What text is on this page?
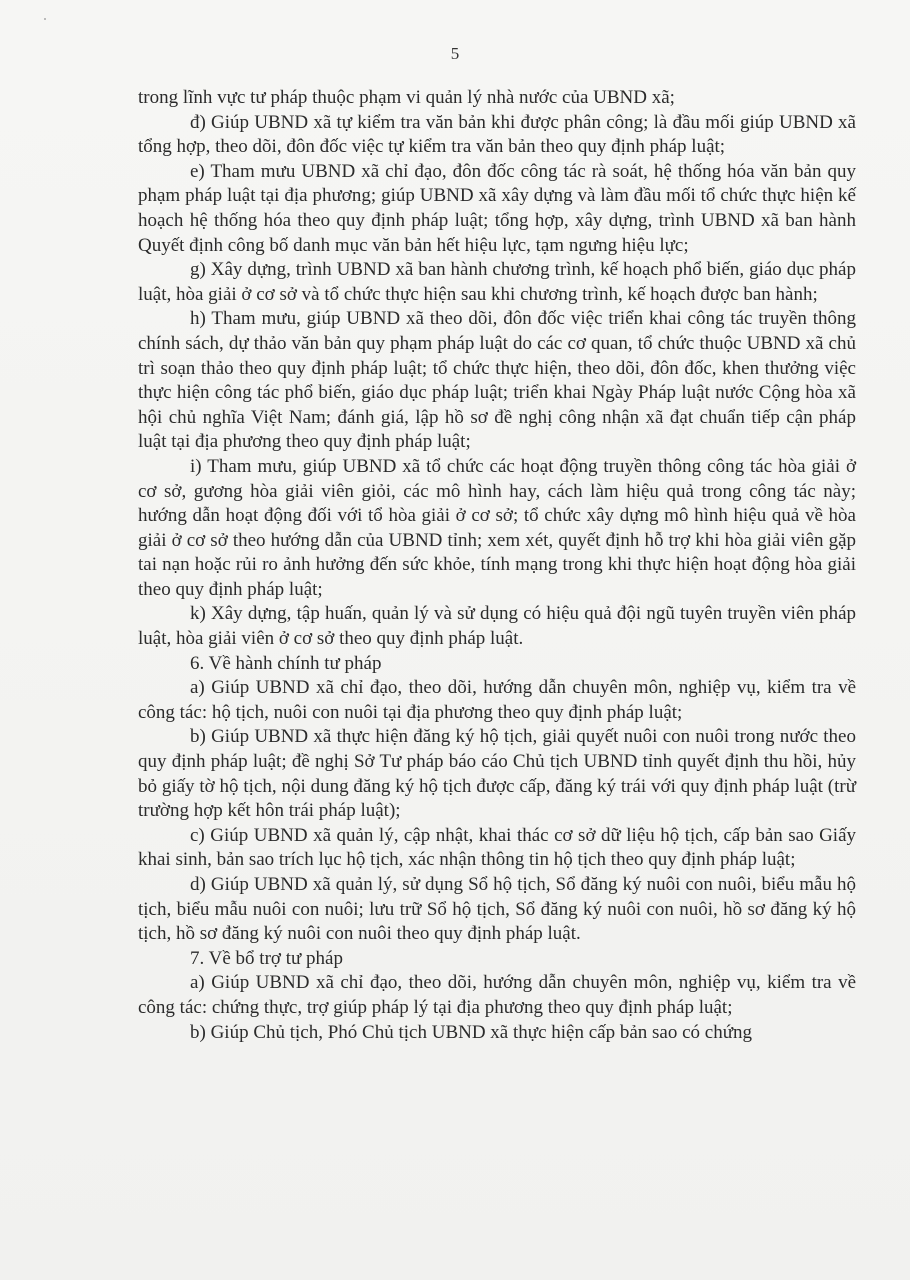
5

trong lĩnh vực tư pháp thuộc phạm vi quản lý nhà nước của UBND xã;

đ) Giúp UBND xã tự kiểm tra văn bản khi được phân công; là đầu mối giúp UBND xã tổng hợp, theo dõi, đôn đốc việc tự kiểm tra văn bản theo quy định pháp luật;

e) Tham mưu UBND xã chỉ đạo, đôn đốc công tác rà soát, hệ thống hóa văn bản quy phạm pháp luật tại địa phương; giúp UBND xã xây dựng và làm đầu mối tổ chức thực hiện kế hoạch hệ thống hóa theo quy định pháp luật; tổng hợp, xây dựng, trình UBND xã ban hành Quyết định công bố danh mục văn bản hết hiệu lực, tạm ngưng hiệu lực;

g) Xây dựng, trình UBND xã ban hành chương trình, kế hoạch phổ biến, giáo dục pháp luật, hòa giải ở cơ sở và tổ chức thực hiện sau khi chương trình, kế hoạch được ban hành;

h) Tham mưu, giúp UBND xã theo dõi, đôn đốc việc triển khai công tác truyền thông chính sách, dự thảo văn bản quy phạm pháp luật do các cơ quan, tổ chức thuộc UBND xã chủ trì soạn thảo theo quy định pháp luật; tổ chức thực hiện, theo dõi, đôn đốc, khen thưởng việc thực hiện công tác phổ biến, giáo dục pháp luật; triển khai Ngày Pháp luật nước Cộng hòa xã hội chủ nghĩa Việt Nam; đánh giá, lập hồ sơ đề nghị công nhận xã đạt chuẩn tiếp cận pháp luật tại địa phương theo quy định pháp luật;

i) Tham mưu, giúp UBND xã tổ chức các hoạt động truyền thông công tác hòa giải ở cơ sở, gương hòa giải viên giỏi, các mô hình hay, cách làm hiệu quả trong công tác này; hướng dẫn hoạt động đối với tổ hòa giải ở cơ sở; tổ chức xây dựng mô hình hiệu quả về hòa giải ở cơ sở theo hướng dẫn của UBND tỉnh; xem xét, quyết định hỗ trợ khi hòa giải viên gặp tai nạn hoặc rủi ro ảnh hưởng đến sức khỏe, tính mạng trong khi thực hiện hoạt động hòa giải theo quy định pháp luật;

k) Xây dựng, tập huấn, quản lý và sử dụng có hiệu quả đội ngũ tuyên truyền viên pháp luật, hòa giải viên ở cơ sở theo quy định pháp luật.

6. Về hành chính tư pháp

a) Giúp UBND xã chỉ đạo, theo dõi, hướng dẫn chuyên môn, nghiệp vụ, kiểm tra về công tác: hộ tịch, nuôi con nuôi tại địa phương theo quy định pháp luật;

b) Giúp UBND xã thực hiện đăng ký hộ tịch, giải quyết nuôi con nuôi trong nước theo quy định pháp luật; đề nghị Sở Tư pháp báo cáo Chủ tịch UBND tỉnh quyết định thu hồi, hủy bỏ giấy tờ hộ tịch, nội dung đăng ký hộ tịch được cấp, đăng ký trái với quy định pháp luật (trừ trường hợp kết hôn trái pháp luật);

c) Giúp UBND xã quản lý, cập nhật, khai thác cơ sở dữ liệu hộ tịch, cấp bản sao Giấy khai sinh, bản sao trích lục hộ tịch, xác nhận thông tin hộ tịch theo quy định pháp luật;

d) Giúp UBND xã quản lý, sử dụng Sổ hộ tịch, Sổ đăng ký nuôi con nuôi, biểu mẫu hộ tịch, biểu mẫu nuôi con nuôi; lưu trữ Sổ hộ tịch, Sổ đăng ký nuôi con nuôi, hồ sơ đăng ký hộ tịch, hồ sơ đăng ký nuôi con nuôi theo quy định pháp luật.

7. Về bổ trợ tư pháp

a) Giúp UBND xã chỉ đạo, theo dõi, hướng dẫn chuyên môn, nghiệp vụ, kiểm tra về công tác: chứng thực, trợ giúp pháp lý tại địa phương theo quy định pháp luật;

b) Giúp Chủ tịch, Phó Chủ tịch UBND xã thực hiện cấp bản sao có chứng
